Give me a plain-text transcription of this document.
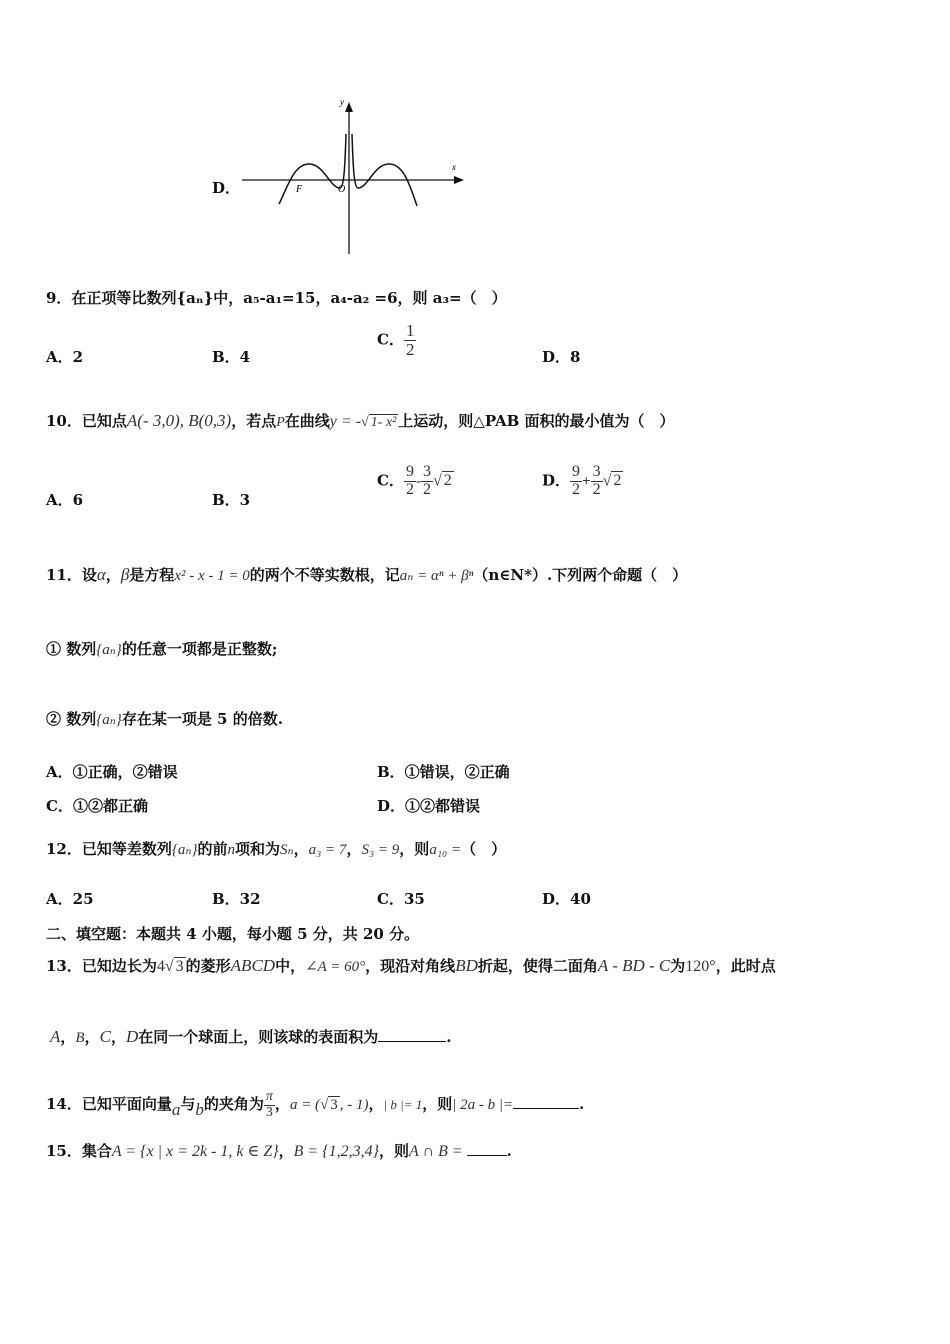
D．
y
x
O
F
9．在正项等比数列{aₙ}中，a₅-a₁=15，a₄-a₂ =6，则 a₃=（　）
A．2	B．4
C． $\frac{1}{2}$	D．8
10．已知点A(- 3,0), B(0,3)，若点P在曲线y = -√ 1- x² 上运动，则△PAB 面积的最小值为（　）
A．6	B．3
C． $\frac{9}{2} - \frac{3}{2}$ √ 2	D． $\frac{9}{2} + \frac{3}{2}$ √ 2
11．设α，β是方程x² - x - 1 = 0的两个不等实数根，记aₙ = αⁿ + βⁿ（n∈N*）.下列两个命题（　）
① 数列{aₙ}的任意一项都是正整数;
② 数列{aₙ}存在某一项是 5 的倍数.
A．①正确，②错误	B．①错误，②正确
C．①②都正确	D．①②都错误
12．已知等差数列{aₙ}的前n项和为Sₙ，a₃ = 7，S₃ = 9，则a₁₀ =（　）
A．25	B．32	C．35	D．40
二、填空题：本题共 4 小题，每小题 5 分，共 20 分。
13．已知边长为4√ 3 的菱形ABCD中，∠A = 60°，现沿对角线BD折起，使得二面角A - BD - C为120°，此时点
A，B，C，D在同一个球面上，则该球的表面积为	.
14．已知平面向量a与b的夹角为 $\frac{\pi}{3}$ ，a = (√ 3 , - 1)，| b |= 1，则| 2a - b |=	.
15．集合A = {x | x = 2k - 1, k ∈ Z}，B = {1,2,3,4}，则A ∩ B =	.
